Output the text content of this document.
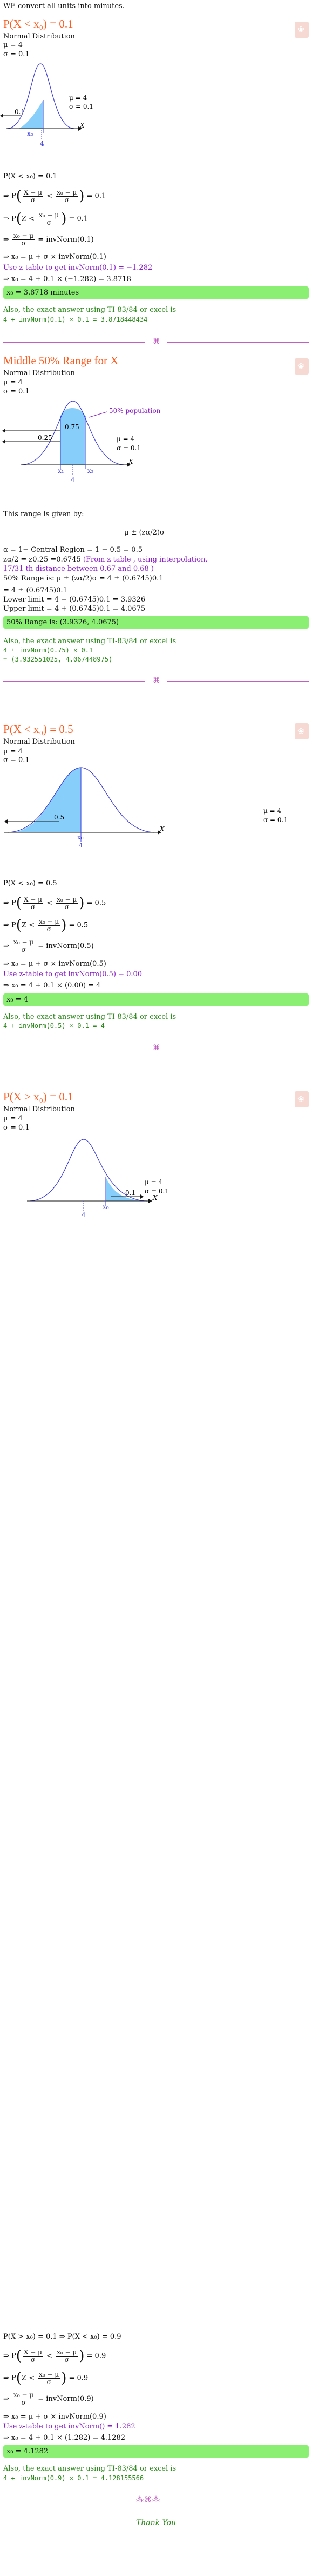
WE convert all units into minutes.
❀
P(X < x₀) = 0.1
Normal Distribution
μ = 4
σ = 0.1
0.1
x₀
4
X
μ = 4
σ = 0.1
P(X < x₀) = 0.1
⇒ $P( \frac{X - \mu}{\sigma} < \frac{\text{x₀ − μ}}{\sigma}$ ) = 0.1
⇒ $P(Z < \frac{\text{x₀ − μ}}{\sigma}$ ) = 0.1
⇒ $\frac{\text{x₀ − μ}}{\sigma}$ = invNorm(0.1)
⇒ x₀ = μ + σ × invNorm(0.1)
Use z-table to get invNorm(0.1) = −1.282
⇒ x₀ = 4 + 0.1 × (−1.282) = 3.8718
x₀ = 3.8718 minutes
Also, the exact answer using TI-83/84 or excel is
4 + invNorm(0.1) × 0.1 = 3.8718448434
⌘
❀
Middle 50% Range for X
Normal Distribution
μ = 4
σ = 0.1
50% population
0.75
0.25
x₁	x₂
4
X
μ = 4
σ = 0.1
This range is given by:
μ ± (zα/2)σ
α = 1− Central Region = 1 − 0.5 = 0.5
zα/2 = z0.25 =0.6745 (From z table , using interpolation,
17/31 th distance between 0.67 and 0.68 )
50% Range is: μ ± (zα/2)σ = 4 ± (0.6745)0.1
= 4 ± (0.6745)0.1
Lower limit = 4 − (0.6745)0.1 = 3.9326
Upper limit = 4 + (0.6745)0.1 = 4.0675
50% Range is: (3.9326, 4.0675)
Also, the exact answer using TI-83/84 or excel is
4 ± invNorm(0.75) × 0.1
= (3.932551025, 4.067448975)
⌘
❀
P(X < x₀) = 0.5
Normal Distribution
μ = 4
σ = 0.1
0.5
x₀
4
X
μ = 4
σ = 0.1
P(X < x₀) = 0.5
⇒ $P( \frac{X - \mu}{\sigma} < \frac{\text{x₀ − μ}}{\sigma}$ ) = 0.5
⇒ $P(Z < \frac{\text{x₀ − μ}}{\sigma}$ ) = 0.5
⇒ $\frac{\text{x₀ − μ}}{\sigma}$ = invNorm(0.5)
⇒ x₀ = μ + σ × invNorm(0.5)
Use z-table to get invNorm(0.5) = 0.00
⇒ x₀ = 4 + 0.1 × (0.00) = 4
x₀ = 4
Also, the exact answer using TI-83/84 or excel is
4 + invNorm(0.5) × 0.1 = 4
⌘
❀
P(X > x₀) = 0.1
Normal Distribution
μ = 4
σ = 0.1
0.1
x₀
4
X
μ = 4
σ = 0.1
P(X > x₀) = 0.1 ⇒ P(X < x₀) = 0.9
⇒ $P( \frac{X - \mu}{\sigma} < \frac{\text{x₀ − μ}}{\sigma}$ ) = 0.9
⇒ $P(Z < \frac{\text{x₀ − μ}}{\sigma}$ ) = 0.9
⇒ $\frac{\text{x₀ − μ}}{\sigma}$ = invNorm(0.9)
⇒ x₀ = μ + σ × invNorm(0.9)
Use z-table to get invNorm() = 1.282
⇒ x₀ = 4 + 0.1 × (1.282) = 4.1282
x₀ = 4.1282
Also, the exact answer using TI-83/84 or excel is
4 + invNorm(0.9) × 0.1 = 4.128155566
⁂⌘⁂
Thank You
